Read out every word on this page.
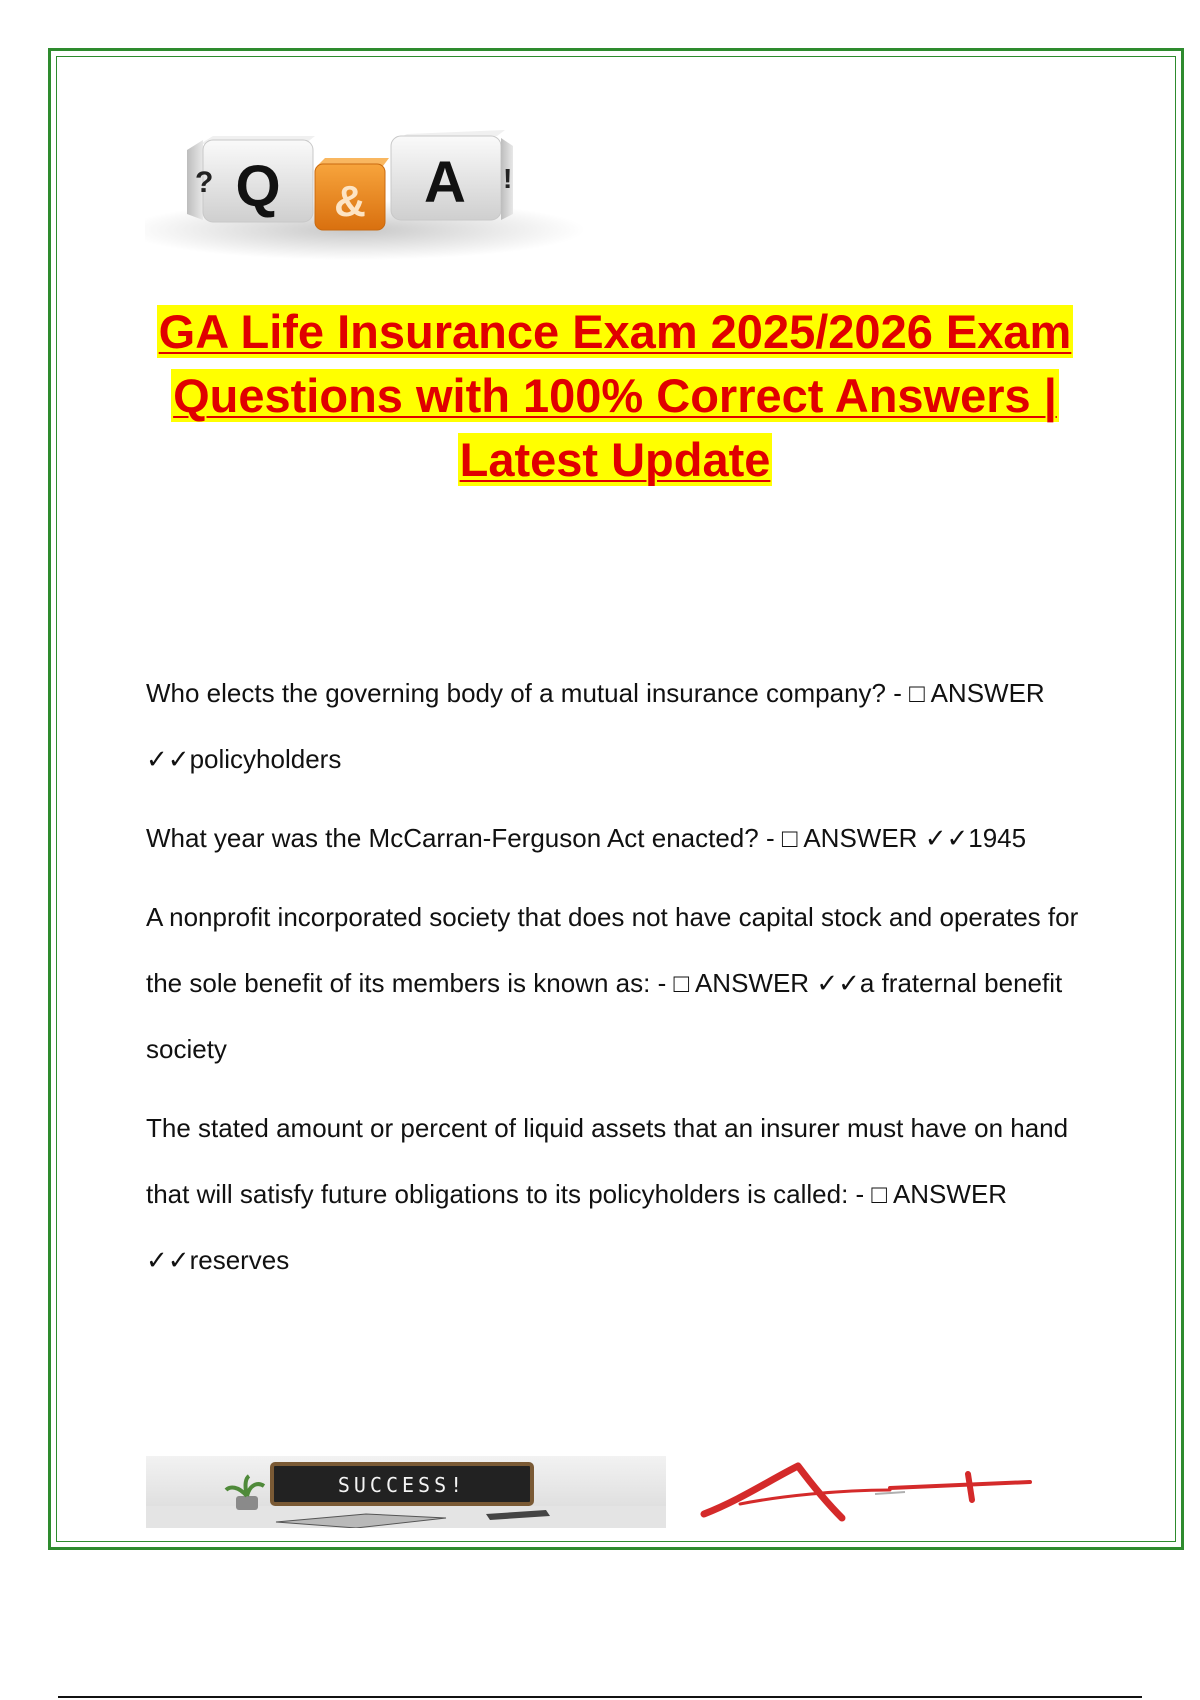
? Q & A !
GA Life Insurance Exam 2025/2026 Exam
Questions with 100% Correct Answers |
Latest Update
Who elects the governing body of a mutual insurance company? - □ ANSWER ✓✓policyholders
What year was the McCarran-Ferguson Act enacted? - □ ANSWER ✓✓1945
A nonprofit incorporated society that does not have capital stock and operates for the sole benefit of its members is known as: - □ ANSWER ✓✓a fraternal benefit society
The stated amount or percent of liquid assets that an insurer must have on hand that will satisfy future obligations to its policyholders is called: - □ ANSWER ✓✓reserves
SUCCESS!
